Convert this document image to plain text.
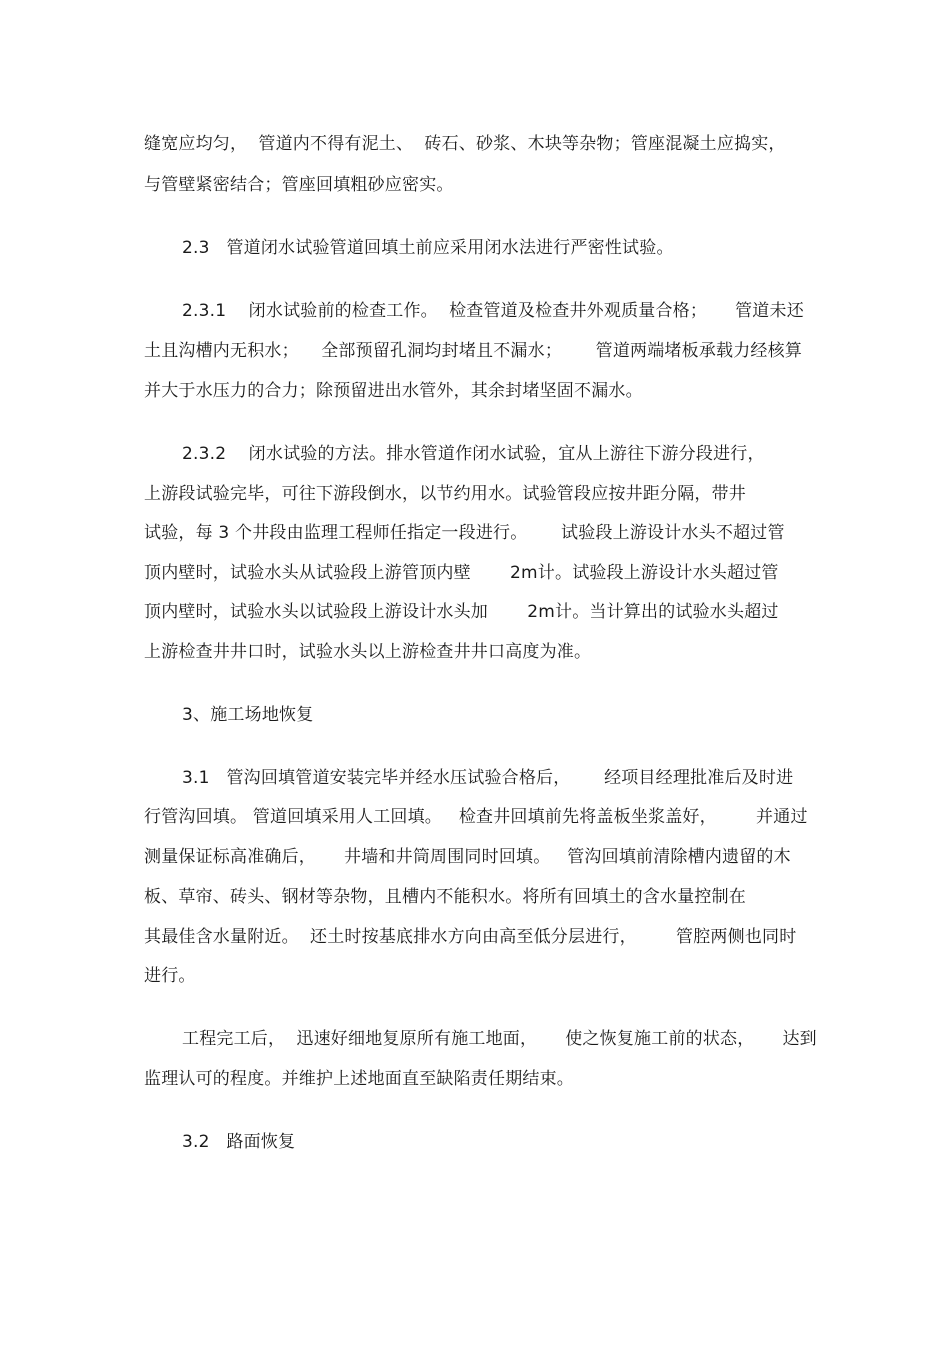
缝宽应均匀，  管道内不得有泥土、  砖石、砂浆、木块等杂物；管座混凝土应捣实，
与管壁紧密结合；管座回填粗砂应密实。
2.3   管道闭水试验管道回填土前应采用闭水法进行严密性试验。
2.3.1    闭水试验前的检查工作。  检查管道及检查井外观质量合格；     管道未还
土且沟槽内无积水；    全部预留孔洞均封堵且不漏水；      管道两端堵板承载力经核算
并大于水压力的合力；除预留进出水管外，其余封堵坚固不漏水。
2.3.2    闭水试验的方法。排水管道作闭水试验，宜从上游往下游分段进行，
上游段试验完毕，可往下游段倒水，以节约用水。试验管段应按井距分隔，带井
试验，每 3 个井段由监理工程师任指定一段进行。      试验段上游设计水头不超过管
顶内壁时，试验水头从试验段上游管顶内壁       2m计。试验段上游设计水头超过管
顶内壁时，试验水头以试验段上游设计水头加       2m计。当计算出的试验水头超过
上游检查井井口时，试验水头以上游检查井井口高度为准。
3、施工场地恢复
3.1   管沟回填管道安装完毕并经水压试验合格后，      经项目经理批准后及时进
行管沟回填。 管道回填采用人工回填。   检查井回填前先将盖板坐浆盖好，       并通过
测量保证标高准确后，     井墙和井筒周围同时回填。   管沟回填前清除槽内遗留的木
板、草帘、砖头、钢材等杂物，且槽内不能积水。将所有回填土的含水量控制在
其最佳含水量附近。  还土时按基底排水方向由高至低分层进行，       管腔两侧也同时
进行。
工程完工后，  迅速好细地复原所有施工地面，     使之恢复施工前的状态，     达到
监理认可的程度。并维护上述地面直至缺陷责任期结束。
3.2   路面恢复
